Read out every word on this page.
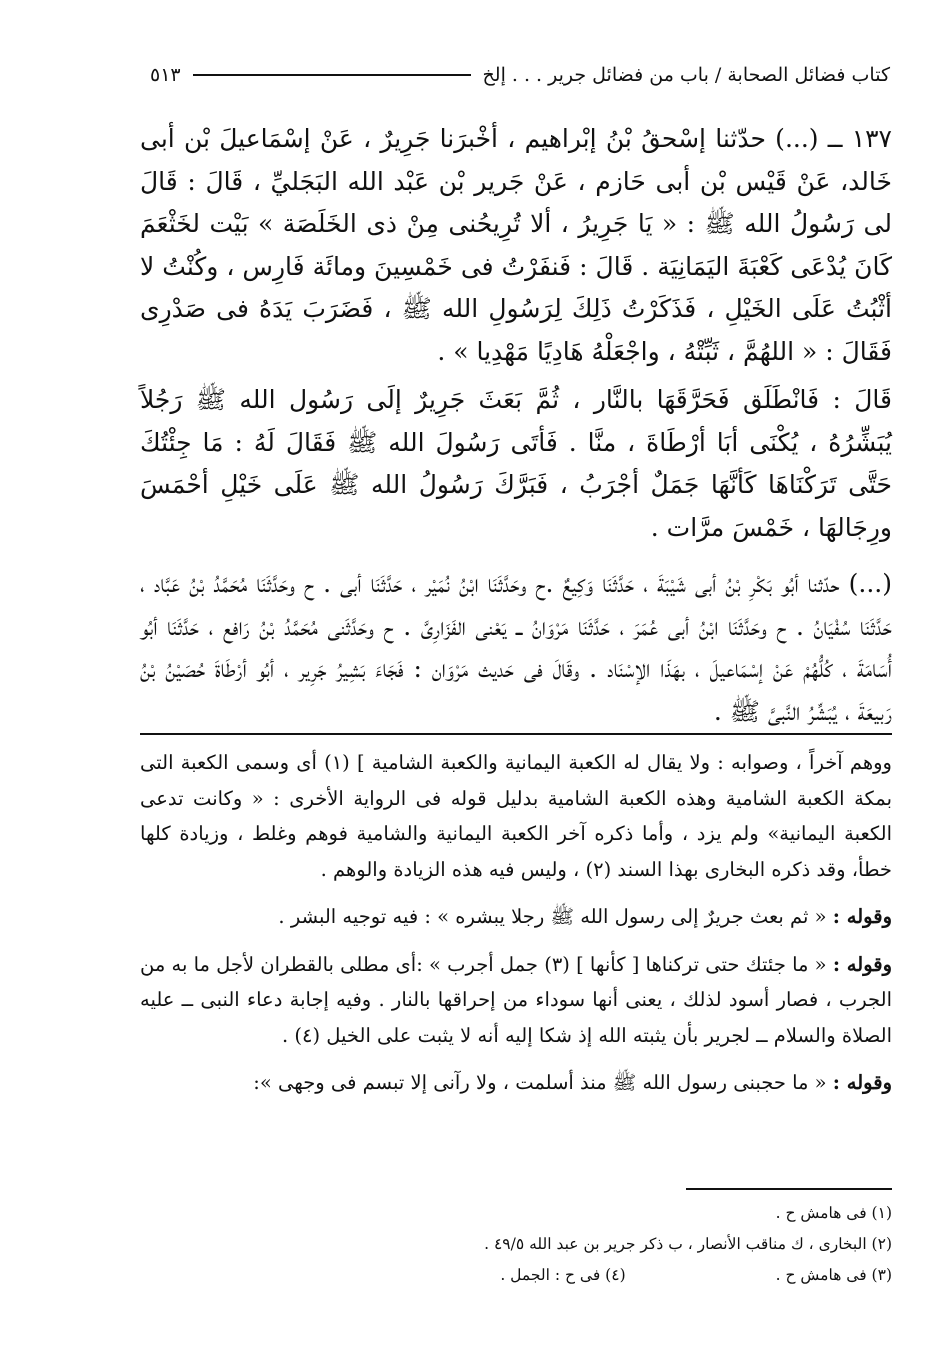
كتاب فضائل الصحابة / باب من فضائل جرير . . . إلخ
٥١٣

١٣٧ ــ (...) حدّثنا إسْحقُ بْنُ إبْراهيم ، أخْبرَنا جَرِيرٌ ، عَنْ إسْمَاعيلَ بْن أبى خَالد، عَنْ قَيْس بْن أبى حَازم ، عَنْ جَرير بْن عَبْد الله البَجَليِّ ، قَالَ : قَالَ لى رَسُولُ الله ﷺ : « يَا جَرِيرُ ، ألا تُرِيحُنى مِنْ ذى الخَلَصَة » بَيْت لخَثْعَمَ كَانَ يُدْعَى كَعْبَةَ اليَمَانِيَة . قَالَ : فَنفَرْتُ فى خَمْسِينَ ومائَة فَارِس ، وكُنْتُ لا أثْبُتُ عَلَى الخَيْلِ ، فَذَكَرْتُ ذَلِكَ لِرَسُولِ الله ﷺ ، فَضَرَبَ يَدَهُ فى صَدْرِى فَقَالَ : « اللهُمَّ ، ثَبِّتْهُ ، واجْعَلْهُ هَادِيًا مَهْدِيا » .

قَالَ : فَانْطَلَق فَحَرَّقَهَا بالنَّار ، ثُمَّ بَعَثَ جَرِيرٌ إلَى رَسُول الله ﷺ رَجُلاً يُبَشِّرُهُ ، يُكْنَى أبَا أرْطَاةَ ، منَّا . فَأتَى رَسُولَ الله ﷺ فَقَالَ لَهُ : مَا جِئْتُكَ حَتَّى تَرَكْنَاهَا كَأنَّهَا جَمَلٌ أجْرَبُ ، فَبَرَّكَ رَسُولُ الله ﷺ عَلَى خَيْلِ أحْمَسَ ورِجَالهَا ، خَمْسَ مرَّات .

(...) حدّثنا أبُو بَكْرِ بْنُ أبى شَيْبَةَ ، حَدَّثَنَا وَكِيعٌ .ح وحَدَّثَنَا ابْنُ نُمَيْر ، حَدَّثَنَا أبى . ح وحَدَّثَنَا مُحَمَّدُ بْنُ عَبَّاد ، حَدَّثَنَا سُفْيَانُ . ح وحَدَّثَنَا ابْنُ أبى عُمَرَ ، حَدَّثَنَا مَرْوَانُ ــ يَعْنى الفَزَارِىَّ . ح وحَدَّثَنى مُحَمَّدُ بْنُ رَافع ، حَدَّثَنَا أبُو أُسَامَةَ ، كُلُّهُمْ عَنْ إسْمَاعيلَ ، بهَذَا الإسْنَاد . وقَالَ فى حَديث مَرْوَان : فَجَاءَ بَشِيرُ جَرِير ، أبُو أرْطَاةَ حُصَيْنُ بْنُ رَبيعَةَ ، يُبَشِّرُ النَّبىَّ ﷺ .

ووهم آخراً ، وصوابه : ولا يقال له الكعبة اليمانية والكعبة الشامية ] (١) أى وسمى الكعبة التى بمكة الكعبة الشامية وهذه الكعبة الشامية بدليل قوله فى الرواية الأخرى : « وكانت تدعى الكعبة اليمانية» ولم يزد ، وأما ذكره آخر الكعبة اليمانية والشامية فوهم وغلط ، وزيادة كلها خطأ، وقد ذكره البخارى بهذا السند (٢) ، وليس فيه هذه الزيادة والوهم .

وقوله : « ثم بعث جريرٌ إلى رسول الله ﷺ رجلا يبشره » : فيه توجيه البشر .

وقوله : « ما جئتك حتى تركناها [ كأنها ] (٣) جمل أجرب » :أى مطلى بالقطران لأجل ما به من الجرب ، فصار أسود لذلك ، يعنى أنها سوداء من إحراقها بالنار . وفيه إجابة دعاء النبى ــ عليه الصلاة والسلام ــ لجرير بأن يثبته الله إذ شكا إليه أنه لا يثبت على الخيل (٤) .

وقوله : « ما حجبنى رسول الله ﷺ منذ أسلمت ، ولا رآنى إلا تبسم فى وجهى »:

(١) فى هامش ح .
(٢) البخارى ، ك مناقب الأنصار ، ب ذكر جرير بن عبد الله ٤٩/٥ .
(٣) فى هامش ح .
(٤) فى ح : الجمل .
